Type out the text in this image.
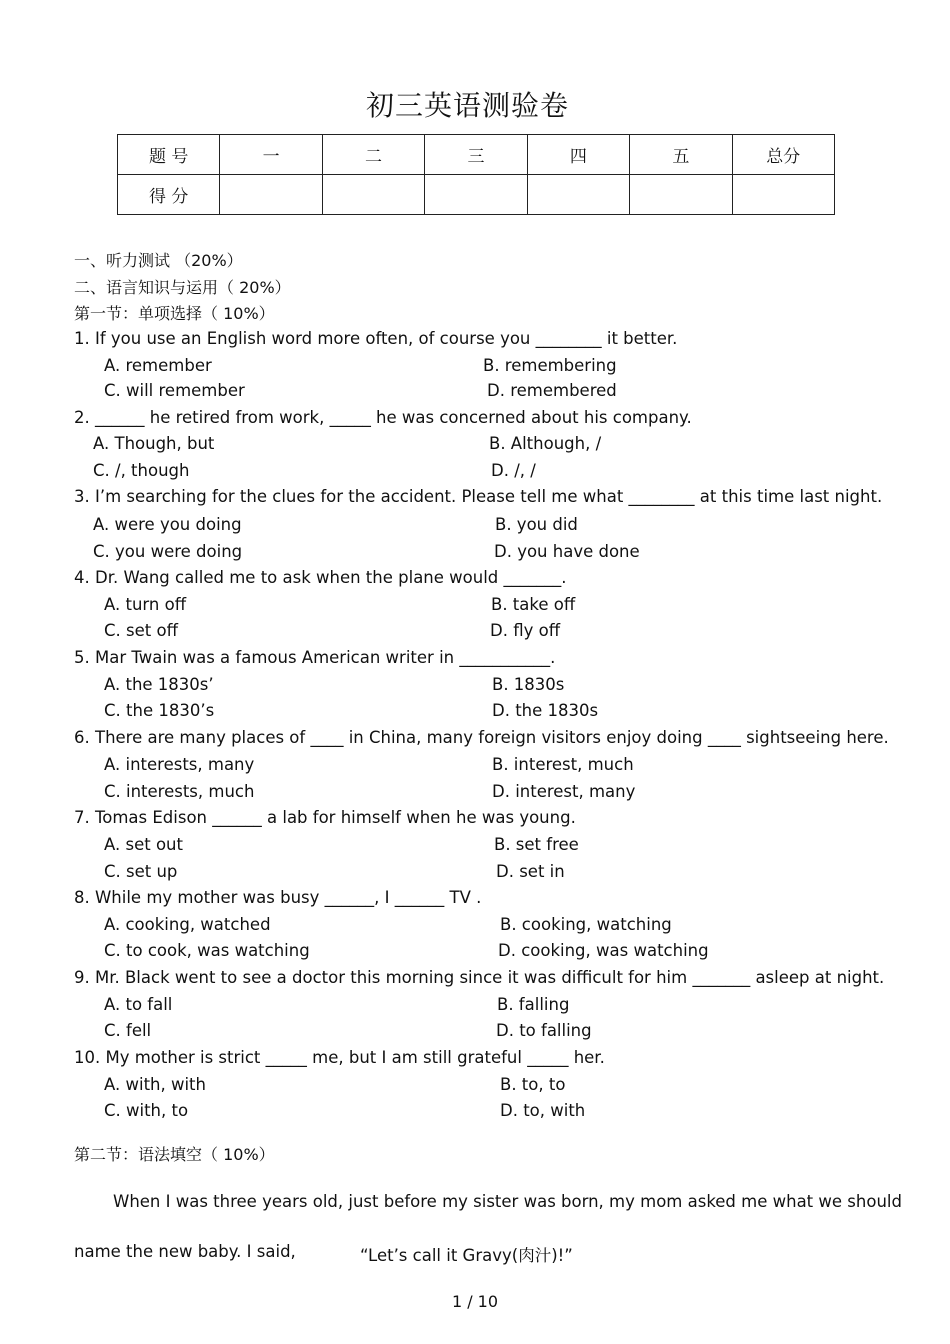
初三英语测验卷
题 号	一	二	三	四	五	总分
得 分						
一、听力测试 （20%）
二、语言知识与运用（ 20%）
第一节：单项选择（ 10%）
1. If you use an English word more often, of course you ________ it better.
A. remember	B. remembering
C. will remember	D. remembered
2. ______ he retired from work, _____ he was concerned about his company.
A. Though, but	B. Although, /
C. /, though	D. /, /
3. I’m searching for the clues for the accident. Please tell me what ________ at this time last night.
A. were you doing	B. you did
C. you were doing	D. you have done
4. Dr. Wang called me to ask when the plane would _______.
A. turn off	B. take off
C. set off	D. fly off
5. Mar Twain was a famous American writer in ___________.
A. the 1830s’	B. 1830s
C. the 1830’s	D. the 1830s
6. There are many places of ____ in China, many foreign visitors enjoy doing ____ sightseeing here.
A. interests, many	B. interest, much
C. interests, much	D. interest, many
7. Tomas Edison ______ a lab for himself when he was young.
A. set out	B. set free
C. set up	D. set in
8. While my mother was busy ______, I ______ TV .
A. cooking, watched	B. cooking, watching
C. to cook, was watching	D. cooking, was watching
9. Mr. Black went to see a doctor this morning since it was difficult for him _______ asleep at night.
A. to fall	B. falling
C. fell	D. to falling
10. My mother is strict _____ me, but I am still grateful _____ her.
A. with, with	B. to, to
C. with, to	D. to, with
第二节：语法填空（ 10%）
When I was three years old, just before my sister was born, my mom asked me what we should
name the new baby. I said,	“Let’s call it Gravy(肉汁)!”
1 / 10
